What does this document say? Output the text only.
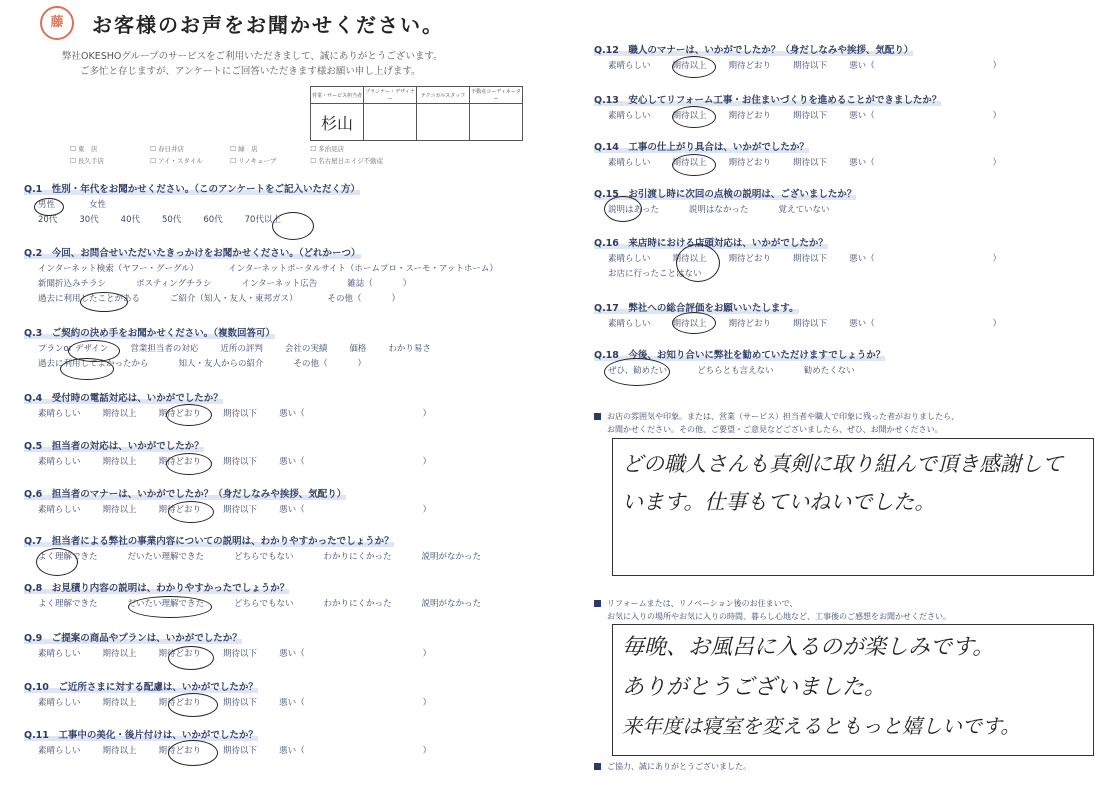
藤	お客様のお声をお聞かせください。
弊社OKESHOグループのサービスをご利用いただきまして、誠にありがとうございます。
ご多忙と存じますが、アンケートにご回答いただきます様お願い申し上げます。
営業・サービス担当者	プランナー・デザイナー	テクニカルスタッフ	不動産コーディネーター
杉山			
☐ 東　店	☐ 春日井店	☐ 緑　店	☐ 多治見店
☐ 長久手店	☐ アイ・スタイル	☐ リノキューブ	☐ 名古屋日エイジ不動産
Q.1　性別・年代をお聞かせください。（このアンケートをご記入いただく方）
男性	女性
20代	30代	40代	50代	60代	70代以上
Q.2　今回、お問合せいただいたきっかけをお聞かせください。（どれかーつ）
インターネット検索（ヤフー・グーグル）	インターネットポータルサイト（ホームプロ・スーモ・アットホーム）
新聞折込みチラシ	ポスティングチラシ	インターネット広告	雑誌（	）
過去に利用したことがある	ご紹介（知人・友人・東邦ガス）	その他（	）
Q.3　ご契約の決め手をお聞かせください。（複数回答可）
プランor デザイン	営業担当者の対応	近所の評判	会社の実績	価格	わかり易さ
過去に利用してよかったから	知人・友人からの紹介	その他（	）
Q.4　受付時の電話対応は、いかがでしたか？
素晴らしい	期待以上	期待どおり	期待以下	悪い（	）
Q.5　担当者の対応は、いかがでしたか？
素晴らしい	期待以上	期待どおり	期待以下	悪い（	）
Q.6　担当者のマナーは、いかがでしたか？（身だしなみや挨拶、気配り）
素晴らしい	期待以上	期待どおり	期待以下	悪い（	）
Q.7　担当者による弊社の事業内容についての説明は、わかりやすかったでしょうか？
よく理解できた	だいたい理解できた	どちらでもない	わかりにくかった	説明がなかった
Q.8　お見積り内容の説明は、わかりやすかったでしょうか？
よく理解できた	だいたい理解できた	どちらでもない	わかりにくかった	説明がなかった
Q.9　ご提案の商品やプランは、いかがでしたか？
素晴らしい	期待以上	期待どおり	期待以下	悪い（	）
Q.10　ご近所さまに対する配慮は、いかがでしたか？
素晴らしい	期待以上	期待どおり	期待以下	悪い（	）
Q.11　工事中の美化・後片付けは、いかがでしたか？
素晴らしい	期待以上	期待どおり	期待以下	悪い（	）
Q.12　職人のマナーは、いかがでしたか？（身だしなみや挨拶、気配り）
素晴らしい	期待以上	期待どおり	期待以下	悪い（	）
Q.13　安心してリフォーム工事・お住まいづくりを進めることができましたか？
素晴らしい	期待以上	期待どおり	期待以下	悪い（	）
Q.14　工事の仕上がり具合は、いかがでしたか？
素晴らしい	期待以上	期待どおり	期待以下	悪い（	）
Q.15　お引渡し時に次回の点検の説明は、ございましたか？
説明はあった	説明はなかった	覚えていない
Q.16　来店時における店頭対応は、いかがでしたか？
素晴らしい	期待以上	期待どおり	期待以下	悪い（	）
お店に行ったことはない
Q.17　弊社への総合評価をお願いいたします。
素晴らしい	期待以上	期待どおり	期待以下	悪い（	）
Q.18　今後、お知り合いに弊社を勧めていただけますでしょうか？
ぜひ、勧めたい	どちらとも言えない	勧めたくない
お店の雰囲気や印象。または、営業（サービス）担当者や職人で印象に残った者がおりましたら、
お聞かせください。その他、ご要望・ご意見などございましたら、ぜひ、お聞かせください。
どの職人さんも真剣に取り組んで頂き感謝して
います。仕事もていねいでした。
リフォームまたは、リノベーション後のお住まいで、
お気に入りの場所やお気に入りの時間、暮らし心地など、工事後のご感想をお聞かせください。
毎晩、お風呂に入るのが楽しみです。
ありがとうございました。
来年度は寝室を変えるともっと嬉しいです。
ご協力、誠にありがとうございました。
